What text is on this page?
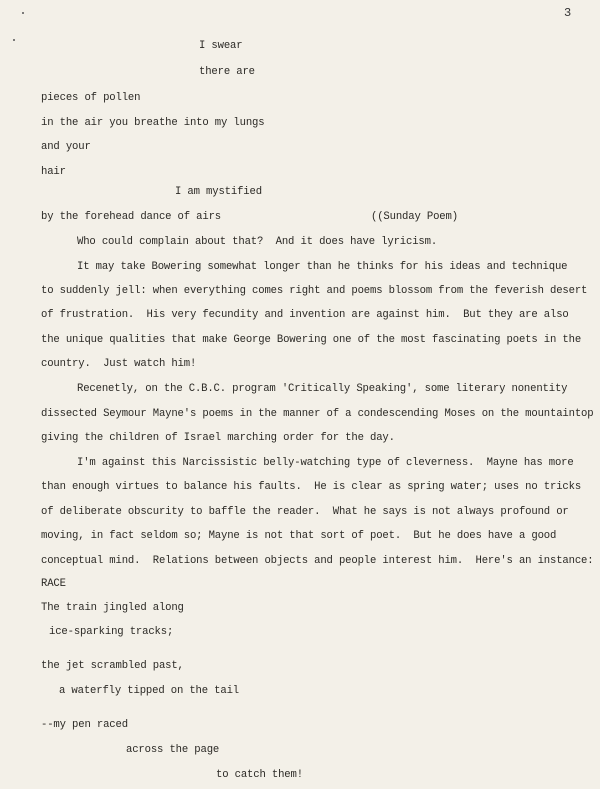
3
I swear
there are
pieces of pollen
in the air you breathe into my lungs
and your
hair
I am mystified
by the forehead dance of airs	((Sunday Poem)
Who could complain about that?  And it does have lyricism.
It may take Bowering somewhat longer than he thinks for his ideas and technique
to suddenly jell: when everything comes right and poems blossom from the feverish desert
of frustration.  His very fecundity and invention are against him.  But they are also
the unique qualities that make George Bowering one of the most fascinating poets in the
country.  Just watch him!
Recenetly, on the C.B.C. program 'Critically Speaking', some literary nonentity
dissected Seymour Mayne's poems in the manner of a condescending Moses on the mountaintop
giving the children of Israel marching order for the day.
I'm against this Narcissistic belly-watching type of cleverness.  Mayne has more
than enough virtues to balance his faults.  He is clear as spring water; uses no tricks
of deliberate obscurity to baffle the reader.  What he says is not always profound or
moving, in fact seldom so; Mayne is not that sort of poet.  But he does have a good
conceptual mind.  Relations between objects and people interest him.  Here's an instance:
RACE
The train jingled along
ice-sparking tracks;
the jet scrambled past,
a waterfly tipped on the tail
--my pen raced
across the page
to catch them!
